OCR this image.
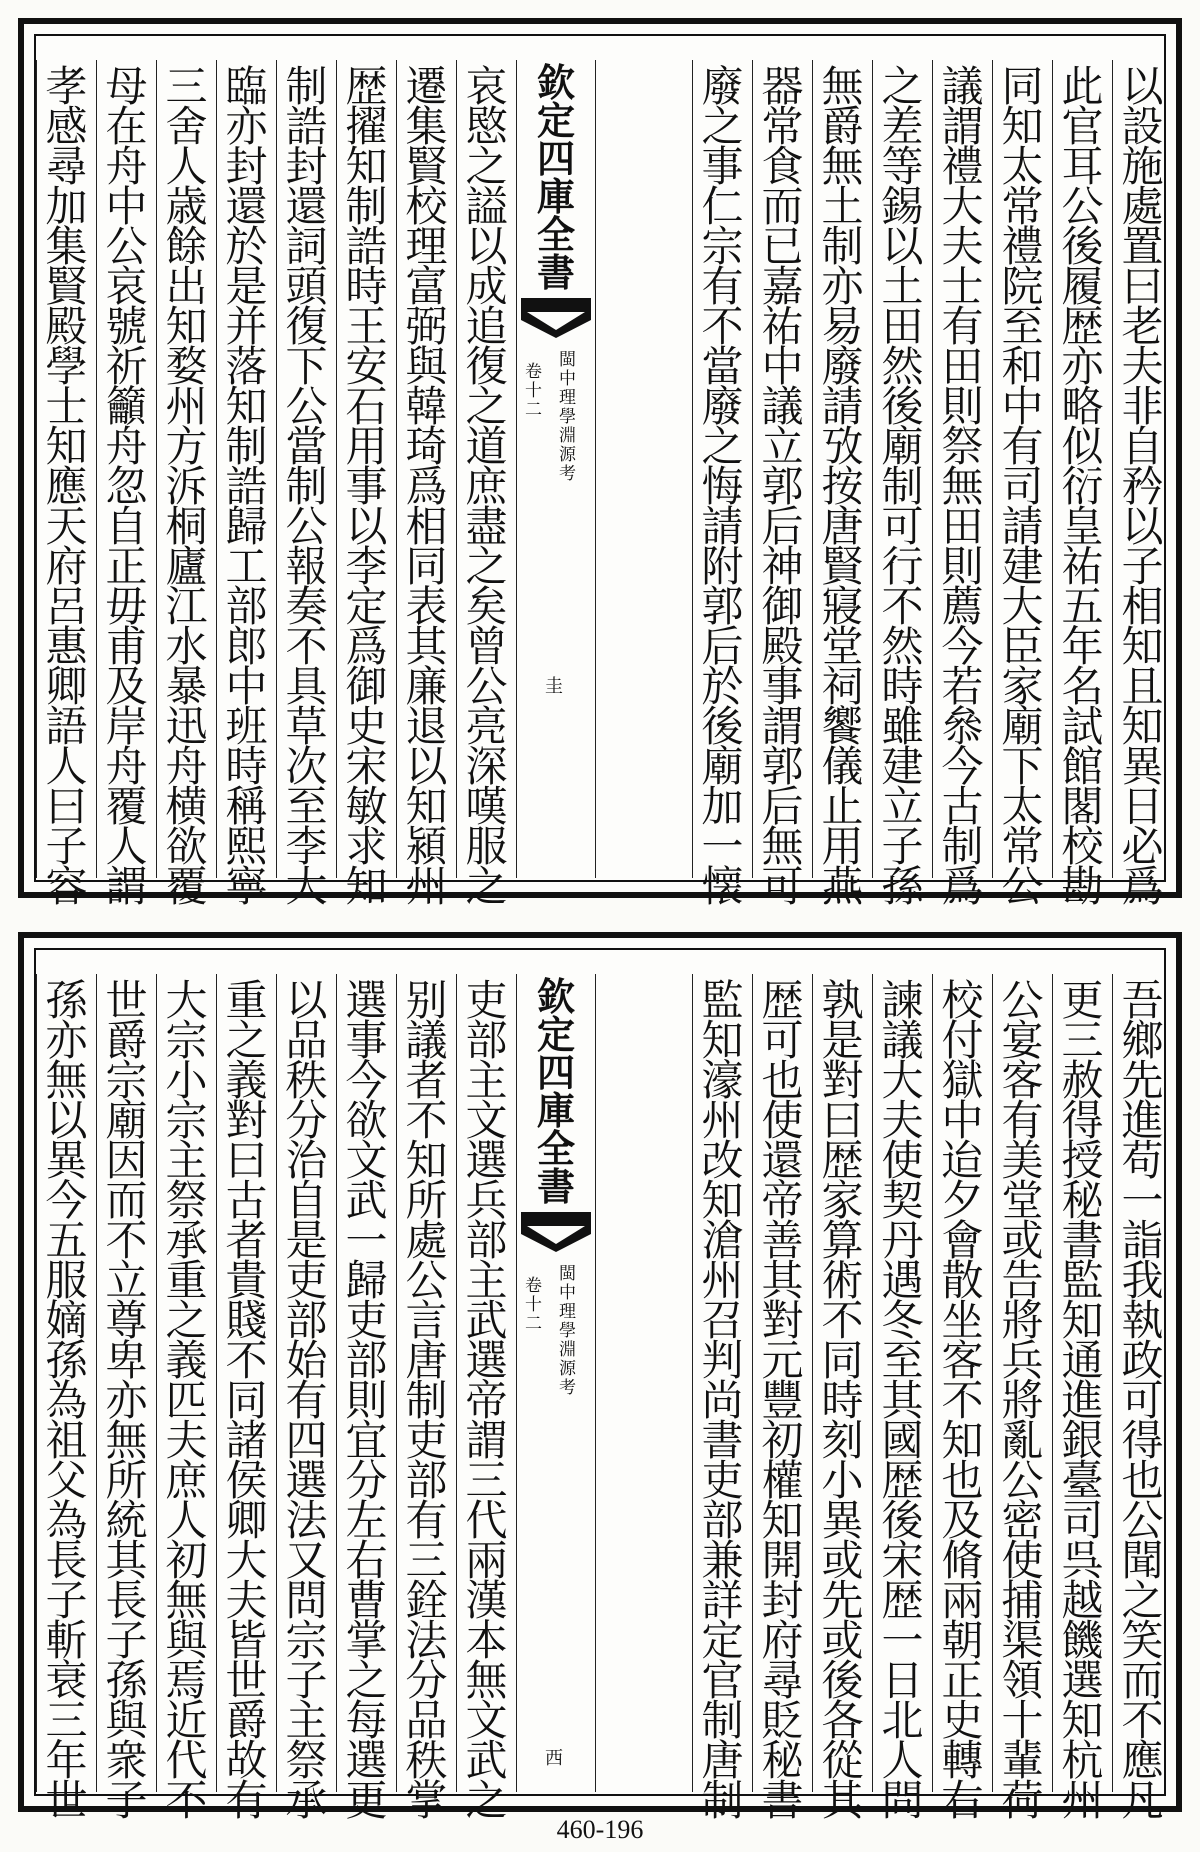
以
設
施
處
置
曰
老
夫
非
自
矜
以
子
相
知
且
知
異
日
必
爲
此
官
耳
公
後
履
歴
亦
略
似
衍
皇
祐
五
年
名
試
館
閣
校
勘
同
知
太
常
禮
院
至
和
中
有
司
請
建
大
臣
家
廟
下
太
常
公
議
謂
禮
大
夫
士
有
田
則
祭
無
田
則
薦
今
若
叅
今
古
制
爲
之
差
等
錫
以
土
田
然
後
廟
制
可
行
不
然
時
雖
建
立
子
孫
無
爵
無
土
制
亦
易
廢
請
攷
按
唐
賢
寢
堂
祠
饗
儀
止
用
燕
器
常
食
而
已
嘉
祐
中
議
立
郭
后
神
御
殿
事
謂
郭
后
無
可
廢
之
事
仁
宗
有
不
當
廢
之
悔
請
附
郭
后
於
後
廟
加
一
懐
哀
愍
之
謚
以
成
追
復
之
道
庶
盡
之
矣
曾
公
亮
深
嘆
服
之
遷
集
賢
校
理
富
弼
與
韓
琦
爲
相
同
表
其
廉
退
以
知
潁
州
歴
擢
知
制
誥
時
王
安
石
用
事
以
李
定
爲
御
史
宋
敏
求
知
制
誥
封
還
詞
頭
復
下
公
當
制
公
報
奏
不
具
草
次
至
李
大
臨
亦
封
還
於
是
并
落
知
制
誥
歸
工
部
郎
中
班
時
稱
熙
寧
三
舍
人
歳
餘
出
知
婺
州
方
泝
桐
廬
江
水
暴
迅
舟
横
欲
覆
母
在
舟
中
公
哀
號
祈
籲
舟
忽
自
正
毋
甫
及
岸
舟
覆
人
謂
孝
感
尋
加
集
賢
殿
學
士
知
應
天
府
呂
惠
卿
語
人
曰
子
容
欽
定
四
庫
全
書
閩
中
理
學
淵
源
考
卷
十
二
圭
吾
鄉
先
進
苟
一
詣
我
執
政
可
得
也
公
聞
之
笑
而
不
應
凡
更
三
赦
得
授
秘
書
監
知
通
進
銀
臺
司
呉
越
饑
選
知
杭
州
公
宴
客
有
美
堂
或
告
將
兵
將
亂
公
密
使
捕
渠
領
十
輩
荷
校
付
獄
中
迨
夕
會
散
坐
客
不
知
也
及
脩
兩
朝
正
史
轉
右
諫
議
大
夫
使
契
丹
遇
冬
至
其
國
歴
後
宋
歴
一
日
北
人
問
孰
是
對
曰
歴
家
算
術
不
同
時
刻
小
異
或
先
或
後
各
從
其
歴
可
也
使
還
帝
善
其
對
元
豐
初
權
知
開
封
府
尋
貶
秘
書
監
知
濠
州
改
知
滄
州
召
判
尚
書
吏
部
兼
詳
定
官
制
唐
制
吏
部
主
文
選
兵
部
主
武
選
帝
謂
三
代
兩
漢
本
無
文
武
之
别
議
者
不
知
所
處
公
言
唐
制
吏
部
有
三
銓
法
分
品
秩
掌
選
事
今
欲
文
武
一
歸
吏
部
則
宜
分
左
右
曹
掌
之
每
選
更
以
品
秩
分
治
自
是
吏
部
始
有
四
選
法
又
問
宗
子
主
祭
承
重
之
義
對
曰
古
者
貴
賤
不
同
諸
侯
卿
大
夫
皆
世
爵
故
有
大
宗
小
宗
主
祭
承
重
之
義
匹
夫
庶
人
初
無
與
焉
近
代
不
世
爵
宗
廟
因
而
不
立
尊
卑
亦
無
所
統
其
長
子
孫
與
衆
子
孫
亦
無
以
異
今
五
服
嫡
孫
為
祖
父
為
長
子
斬
衰
三
年
世
欽
定
四
庫
全
書
閩
中
理
學
淵
源
考
卷
十
二
西
460-196
